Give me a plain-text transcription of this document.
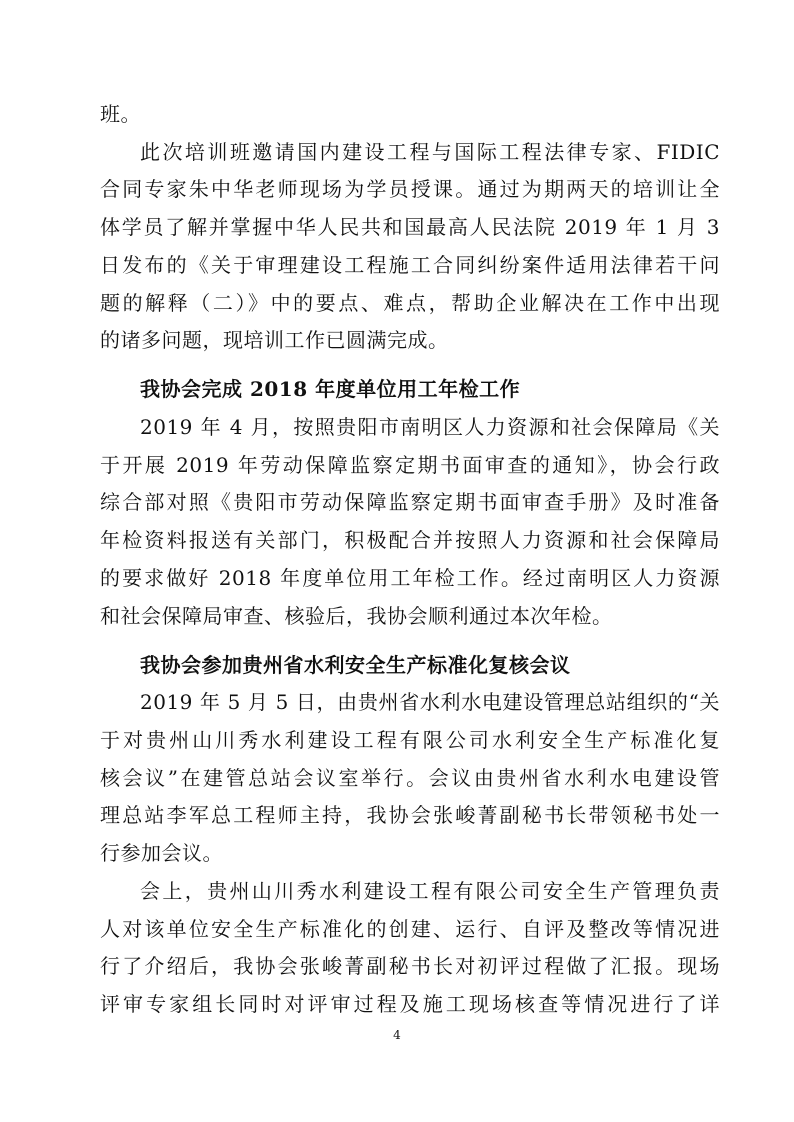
4
班。
此次培训班邀请国内建设工程与国际工程法律专家、FIDIC
合同专家朱中华老师现场为学员授课。通过为期两天的培训让全
体学员了解并掌握中华人民共和国最高人民法院 2019 年 1 月 3
日发布的《关于审理建设工程施工合同纠纷案件适用法律若干问
题的解释（二）》中的要点、难点，帮助企业解决在工作中出现
的诸多问题，现培训工作已圆满完成。
我协会完成 2018 年度单位用工年检工作
2019 年 4 月，按照贵阳市南明区人力资源和社会保障局《关
于开展 2019 年劳动保障监察定期书面审查的通知》，协会行政
综合部对照《贵阳市劳动保障监察定期书面审查手册》及时准备
年检资料报送有关部门，积极配合并按照人力资源和社会保障局
的要求做好 2018 年度单位用工年检工作。经过南明区人力资源
和社会保障局审查、核验后，我协会顺利通过本次年检。
我协会参加贵州省水利安全生产标准化复核会议
2019 年 5 月 5 日，由贵州省水利水电建设管理总站组织的“关
于对贵州山川秀水利建设工程有限公司水利安全生产标准化复
核会议”在建管总站会议室举行。会议由贵州省水利水电建设管
理总站李军总工程师主持，我协会张峻菁副秘书长带领秘书处一
行参加会议。
会上，贵州山川秀水利建设工程有限公司安全生产管理负责
人对该单位安全生产标准化的创建、运行、自评及整改等情况进
行了介绍后，我协会张峻菁副秘书长对初评过程做了汇报。现场
评审专家组长同时对评审过程及施工现场核查等情况进行了详
